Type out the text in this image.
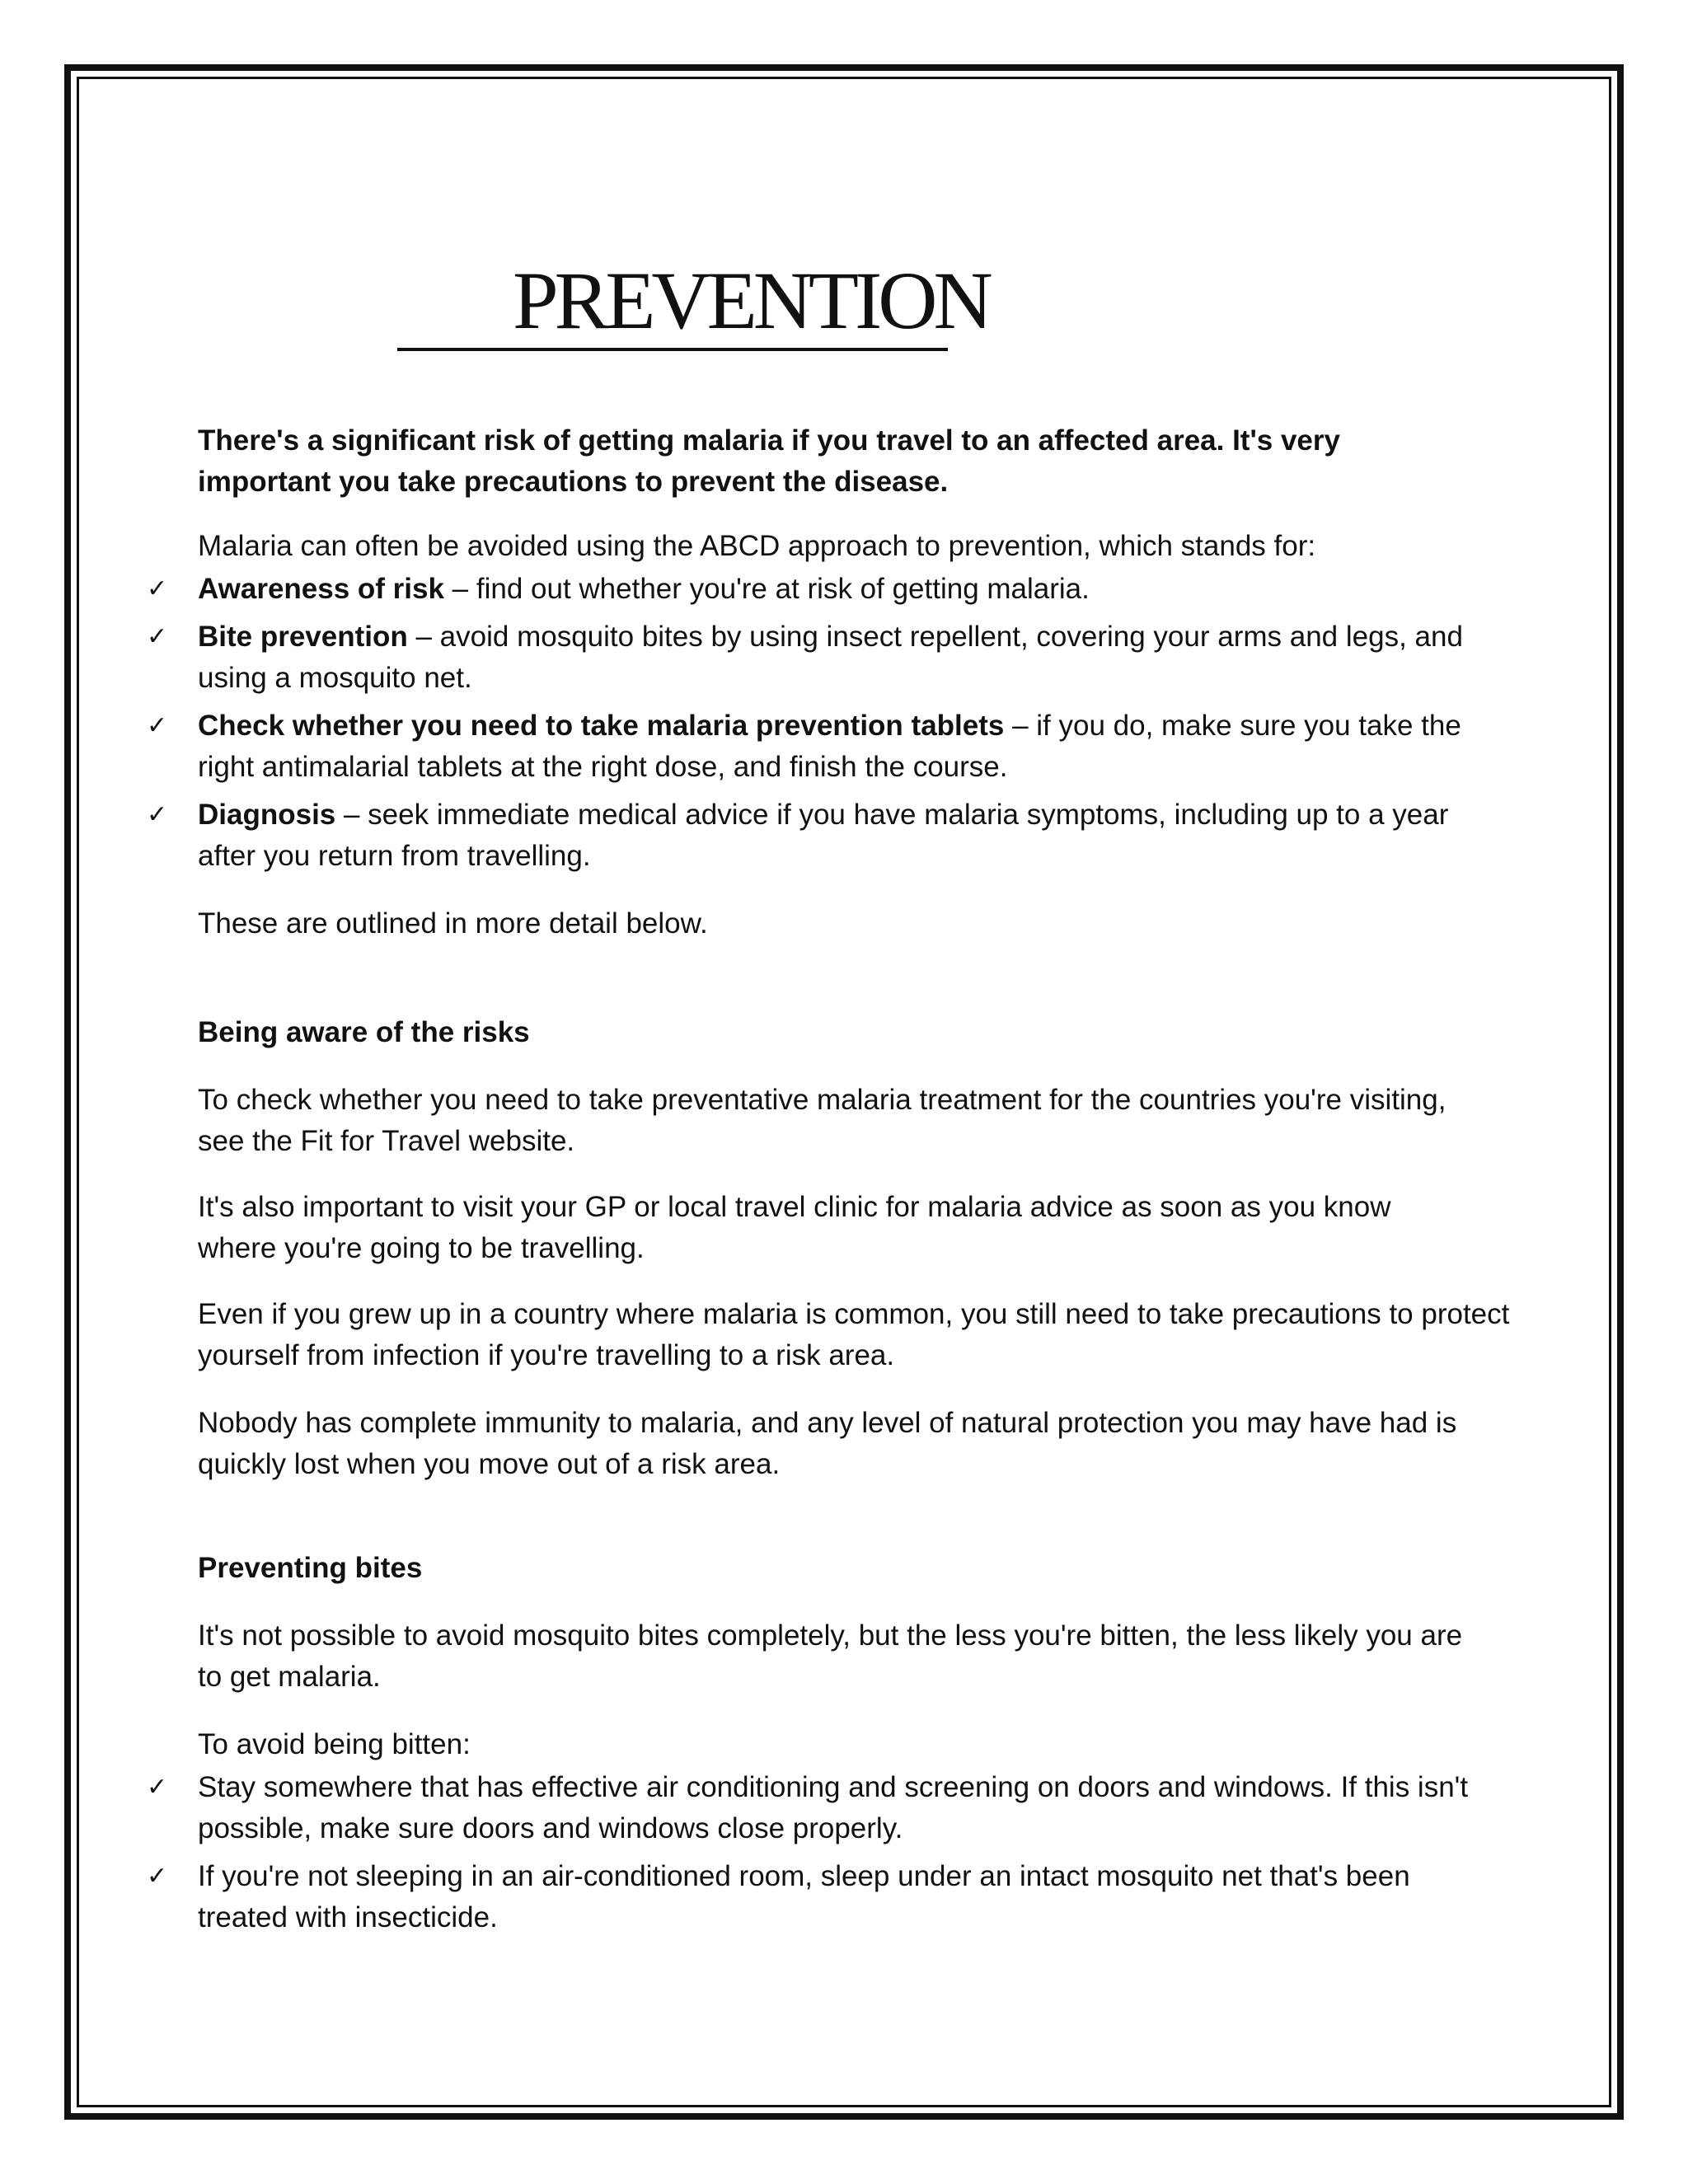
PREVENTION

There's a significant risk of getting malaria if you travel to an affected area. It's very important you take precautions to prevent the disease.

Malaria can often be avoided using the ABCD approach to prevention, which stands for:

✓ Awareness of risk – find out whether you're at risk of getting malaria.
✓ Bite prevention – avoid mosquito bites by using insect repellent, covering your arms and legs, and using a mosquito net.
✓ Check whether you need to take malaria prevention tablets – if you do, make sure you take the right antimalarial tablets at the right dose, and finish the course.
✓ Diagnosis – seek immediate medical advice if you have malaria symptoms, including up to a year after you return from travelling.

These are outlined in more detail below.

Being aware of the risks

To check whether you need to take preventative malaria treatment for the countries you're visiting, see the Fit for Travel website.

It's also important to visit your GP or local travel clinic for malaria advice as soon as you know where you're going to be travelling.

Even if you grew up in a country where malaria is common, you still need to take precautions to protect yourself from infection if you're travelling to a risk area.

Nobody has complete immunity to malaria, and any level of natural protection you may have had is quickly lost when you move out of a risk area.

Preventing bites

It's not possible to avoid mosquito bites completely, but the less you're bitten, the less likely you are to get malaria.

To avoid being bitten:

✓ Stay somewhere that has effective air conditioning and screening on doors and windows. If this isn't possible, make sure doors and windows close properly.
✓ If you're not sleeping in an air-conditioned room, sleep under an intact mosquito net that's been treated with insecticide.
